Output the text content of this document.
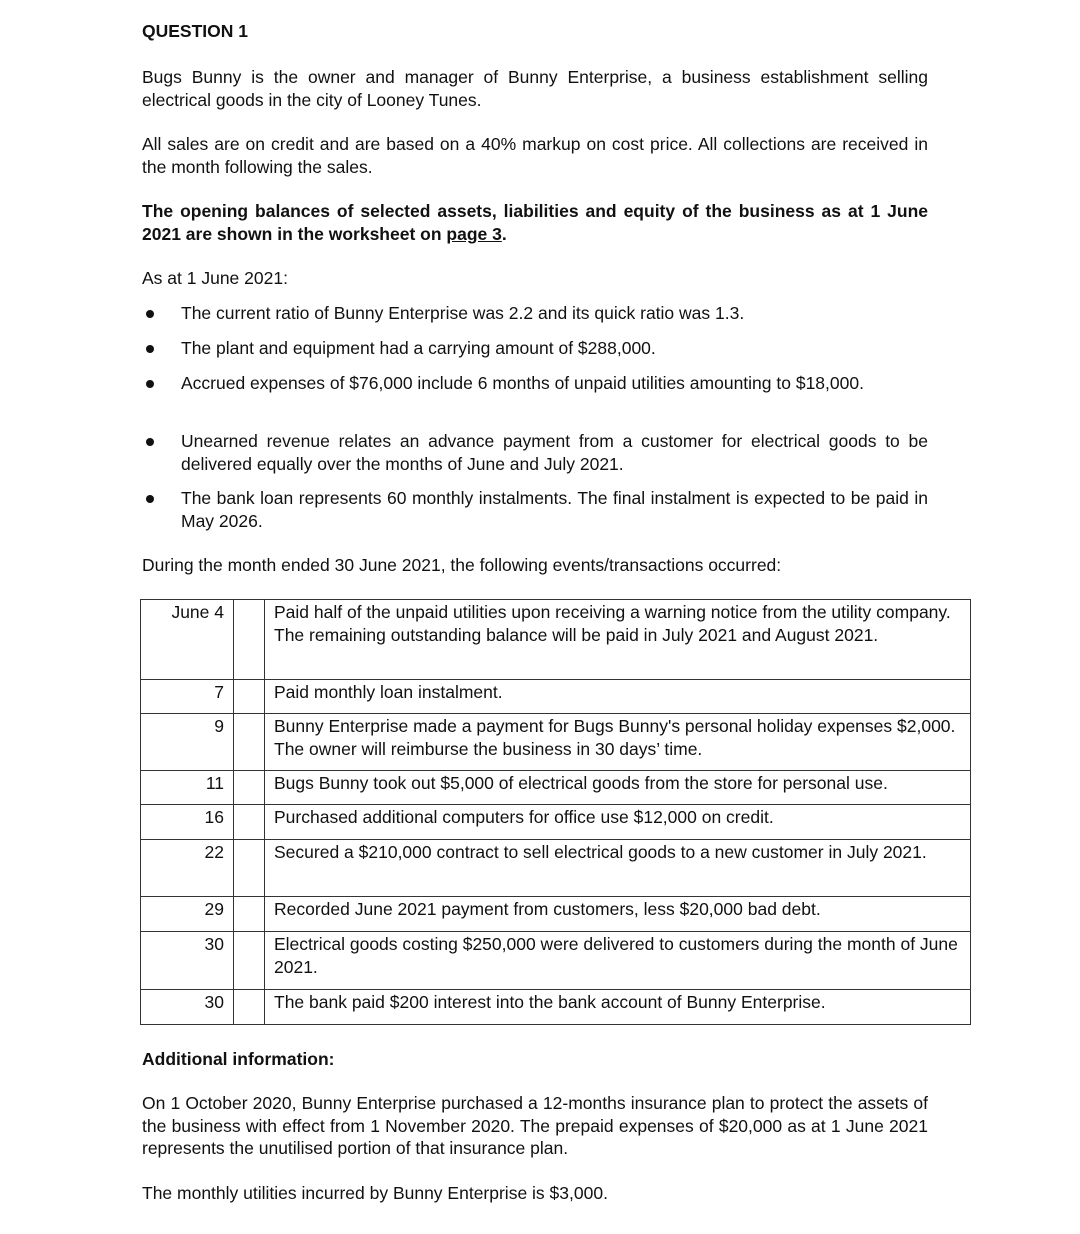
QUESTION 1
Bugs Bunny is the owner and manager of Bunny Enterprise, a business establishment selling electrical goods in the city of Looney Tunes.
All sales are on credit and are based on a 40% markup on cost price. All collections are received in the month following the sales.
The opening balances of selected assets, liabilities and equity of the business as at 1 June 2021 are shown in the worksheet on page 3.
As at 1 June 2021:
The current ratio of Bunny Enterprise was 2.2 and its quick ratio was 1.3.
The plant and equipment had a carrying amount of $288,000.
Accrued expenses of $76,000 include 6 months of unpaid utilities amounting to $18,000.
Unearned revenue relates an advance payment from a customer for electrical goods to be delivered equally over the months of June and July 2021.
The bank loan represents 60 monthly instalments. The final instalment is expected to be paid in May 2026.
During the month ended 30 June 2021, the following events/transactions occurred:
June 4		Paid half of the unpaid utilities upon receiving a warning notice from the utility company. The remaining outstanding balance will be paid in July 2021 and August 2021.
7		Paid monthly loan instalment.
9		Bunny Enterprise made a payment for Bugs Bunny's personal holiday expenses $2,000. The owner will reimburse the business in 30 days’ time.
11		Bugs Bunny took out $5,000 of electrical goods from the store for personal use.
16		Purchased additional computers for office use $12,000 on credit.
22		Secured a $210,000 contract to sell electrical goods to a new customer in July 2021.
29		Recorded June 2021 payment from customers, less $20,000 bad debt.
30		Electrical goods costing $250,000 were delivered to customers during the month of June 2021.
30		The bank paid $200 interest into the bank account of Bunny Enterprise.
Additional information:
On 1 October 2020, Bunny Enterprise purchased a 12-months insurance plan to protect the assets of the business with effect from 1 November 2020. The prepaid expenses of $20,000 as at 1 June 2021 represents the unutilised portion of that insurance plan.
The monthly utilities incurred by Bunny Enterprise is $3,000.
